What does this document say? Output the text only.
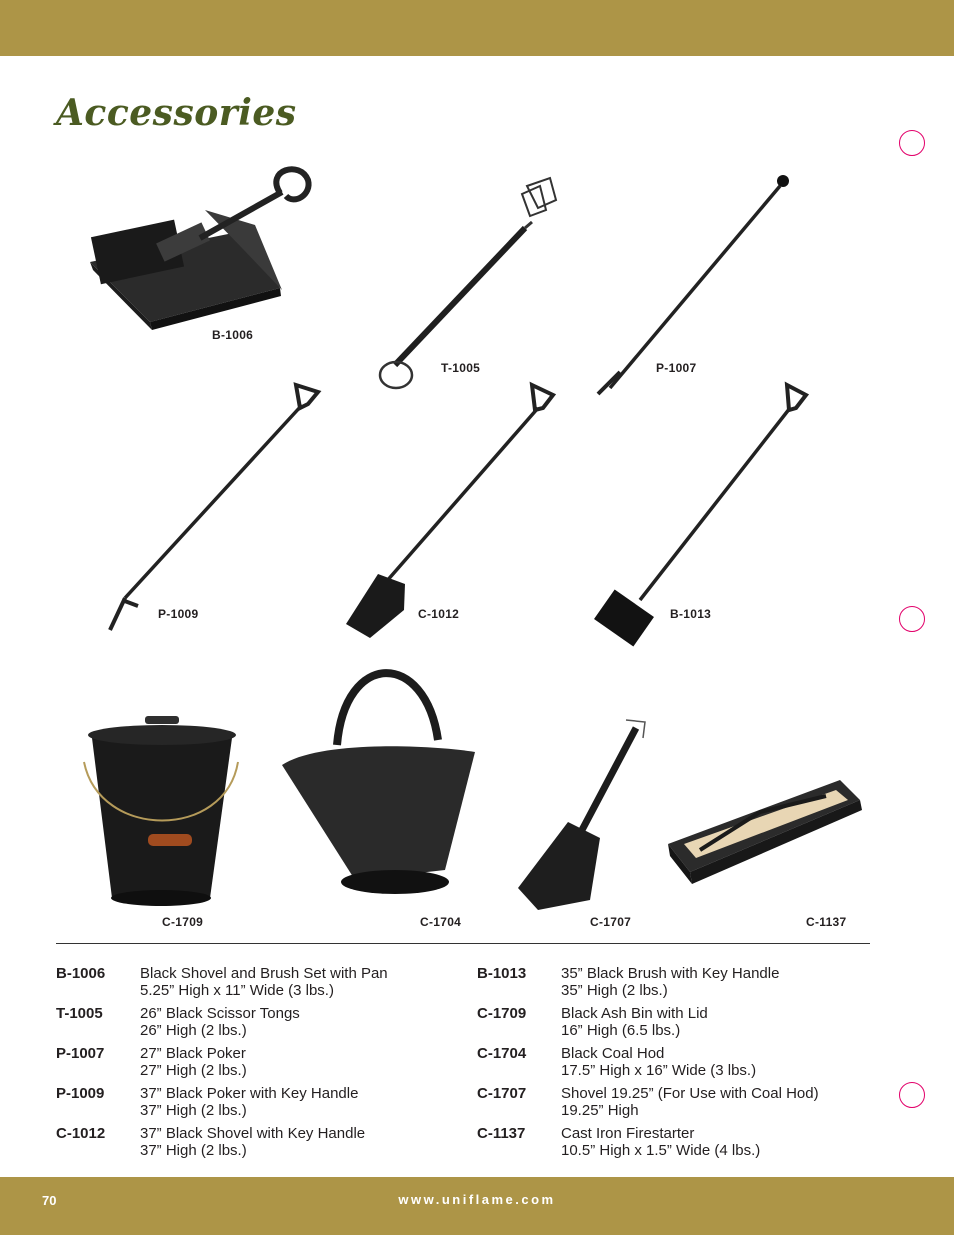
Accessories
B-1006
T-1005	P-1007
P-1009	C-1012	B-1013
C-1709	C-1704	C-1707	C-1137
B-1006	Black Shovel and Brush Set with Pan
5.25” High x 11” Wide (3 lbs.)
T-1005	26” Black Scissor Tongs
26” High (2 lbs.)
P-1007	27” Black Poker
27” High (2 lbs.)
P-1009	37” Black Poker with Key Handle
37” High (2 lbs.)
C-1012	37” Black Shovel with Key Handle
37” High (2 lbs.)
B-1013	35” Black Brush with Key Handle
35” High (2 lbs.)
C-1709	Black Ash Bin with Lid
16” High (6.5 lbs.)
C-1704	Black Coal Hod
17.5” High x 16” Wide (3 lbs.)
C-1707	Shovel 19.25” (For Use with Coal Hod)
19.25” High
C-1137	Cast Iron Firestarter
10.5” High x 1.5” Wide (4 lbs.)
70	www.uniflame.com
